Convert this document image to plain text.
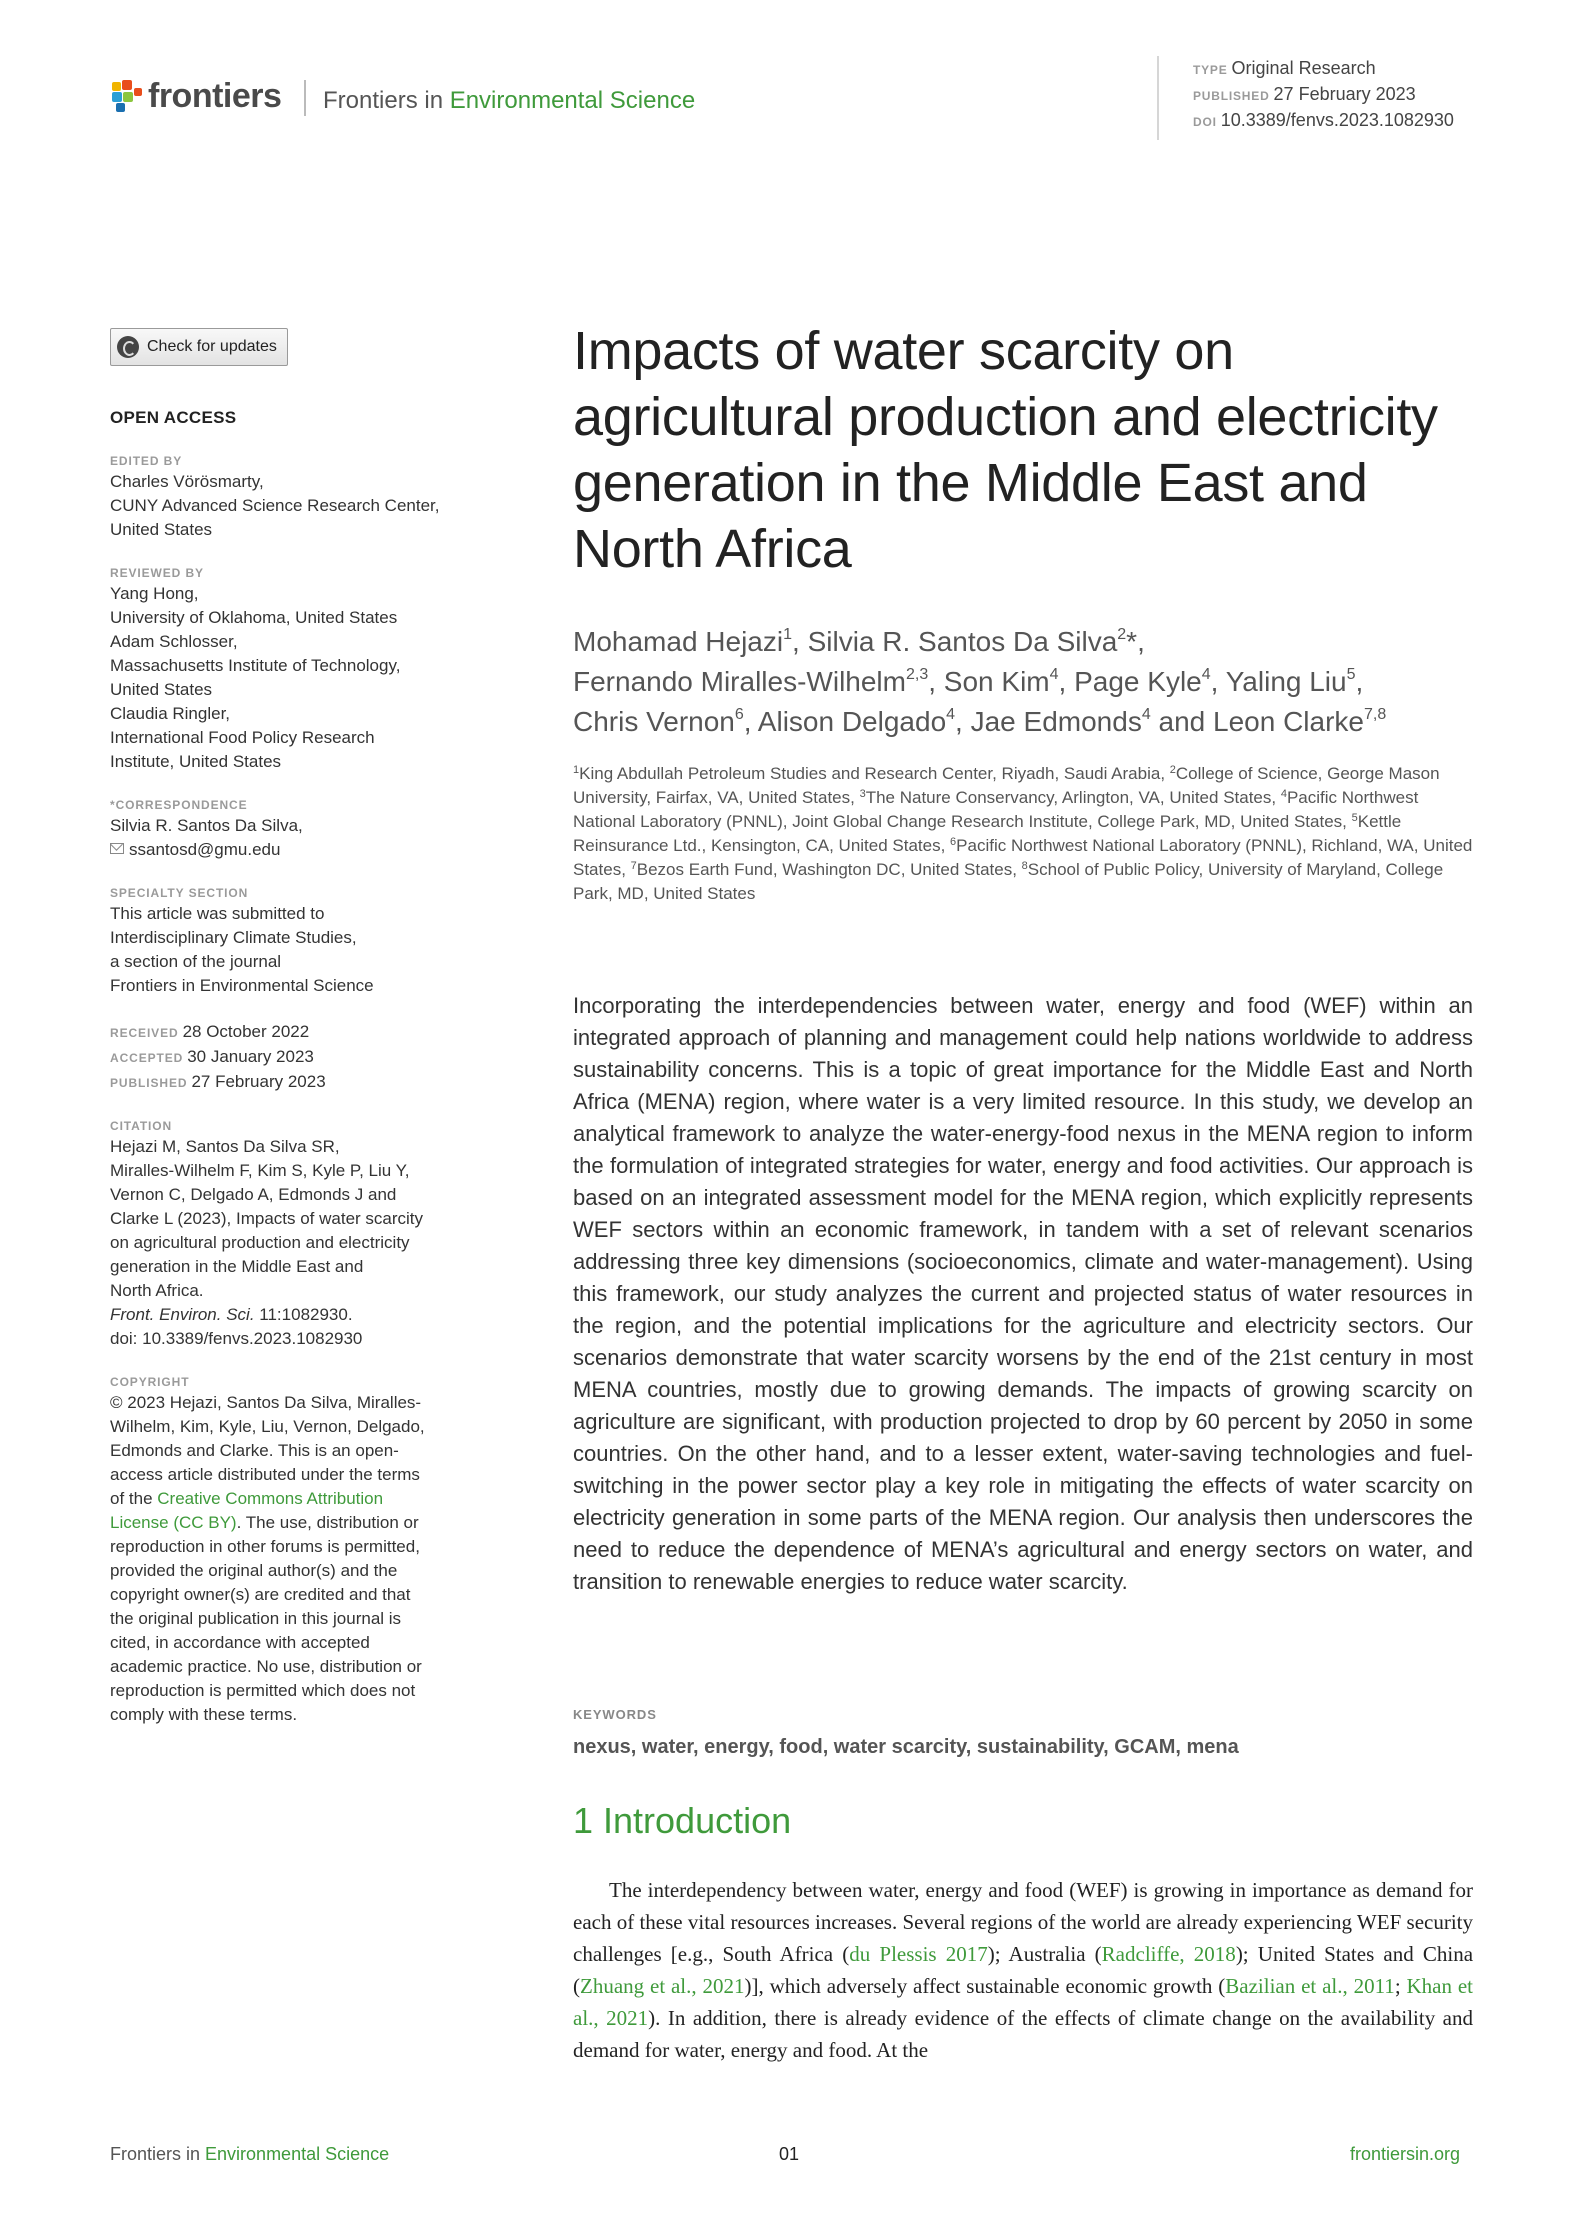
frontiers Frontiers in Environmental Science
TYPE Original Research
PUBLISHED 27 February 2023
DOI 10.3389/fenvs.2023.1082930
Check for updates
OPEN ACCESS
EDITED BY
Charles Vörösmarty,
CUNY Advanced Science Research Center,
United States
REVIEWED BY
Yang Hong,
University of Oklahoma, United States
Adam Schlosser,
Massachusetts Institute of Technology,
United States
Claudia Ringler,
International Food Policy Research
Institute, United States
*CORRESPONDENCE
Silvia R. Santos Da Silva,
ssantosd@gmu.edu
SPECIALTY SECTION
This article was submitted to
Interdisciplinary Climate Studies,
a section of the journal
Frontiers in Environmental Science
RECEIVED 28 October 2022
ACCEPTED 30 January 2023
PUBLISHED 27 February 2023
CITATION
Hejazi M, Santos Da Silva SR,
Miralles-Wilhelm F, Kim S, Kyle P, Liu Y,
Vernon C, Delgado A, Edmonds J and
Clarke L (2023), Impacts of water scarcity
on agricultural production and electricity
generation in the Middle East and
North Africa.
Front. Environ. Sci. 11:1082930.
doi: 10.3389/fenvs.2023.1082930
COPYRIGHT
© 2023 Hejazi, Santos Da Silva, Miralles-
Wilhelm, Kim, Kyle, Liu, Vernon, Delgado,
Edmonds and Clarke. This is an open-
access article distributed under the terms
of the Creative Commons Attribution
License (CC BY). The use, distribution or
reproduction in other forums is permitted,
provided the original author(s) and the
copyright owner(s) are credited and that
the original publication in this journal is
cited, in accordance with accepted
academic practice. No use, distribution or
reproduction is permitted which does not
comply with these terms.
Impacts of water scarcity on agricultural production and electricity generation in the Middle East and North Africa
Mohamad Hejazi$^1$, Silvia R. Santos Da Silva$^2$*,
Fernando Miralles-Wilhelm$^{2,3}$, Son Kim$^4$, Page Kyle$^4$, Yaling Liu$^5$,
Chris Vernon$^6$, Alison Delgado$^4$, Jae Edmonds$^4$ and Leon Clarke$^{7,8}$
$^1$King Abdullah Petroleum Studies and Research Center, Riyadh, Saudi Arabia, $^2$College of Science, George Mason University, Fairfax, VA, United States, $^3$The Nature Conservancy, Arlington, VA, United States, $^4$Pacific Northwest National Laboratory (PNNL), Joint Global Change Research Institute, College Park, MD, United States, $^5$Kettle Reinsurance Ltd., Kensington, CA, United States, $^6$Pacific Northwest National Laboratory (PNNL), Richland, WA, United States, $^7$Bezos Earth Fund, Washington DC, United States, $^8$School of Public Policy, University of Maryland, College Park, MD, United States
Incorporating the interdependencies between water, energy and food (WEF) within an integrated approach of planning and management could help nations worldwide to address sustainability concerns. This is a topic of great importance for the Middle East and North Africa (MENA) region, where water is a very limited resource. In this study, we develop an analytical framework to analyze the water-energy-food nexus in the MENA region to inform the formulation of integrated strategies for water, energy and food activities. Our approach is based on an integrated assessment model for the MENA region, which explicitly represents WEF sectors within an economic framework, in tandem with a set of relevant scenarios addressing three key dimensions (socioeconomics, climate and water-management). Using this framework, our study analyzes the current and projected status of water resources in the region, and the potential implications for the agriculture and electricity sectors. Our scenarios demonstrate that water scarcity worsens by the end of the 21st century in most MENA countries, mostly due to growing demands. The impacts of growing scarcity on agriculture are significant, with production projected to drop by 60 percent by 2050 in some countries. On the other hand, and to a lesser extent, water-saving technologies and fuel-switching in the power sector play a key role in mitigating the effects of water scarcity on electricity generation in some parts of the MENA region. Our analysis then underscores the need to reduce the dependence of MENA’s agricultural and energy sectors on water, and transition to renewable energies to reduce water scarcity.
KEYWORDS
nexus, water, energy, food, water scarcity, sustainability, GCAM, mena
1 Introduction
The interdependency between water, energy and food (WEF) is growing in importance as demand for each of these vital resources increases. Several regions of the world are already experiencing WEF security challenges [e.g., South Africa (du Plessis 2017); Australia (Radcliffe, 2018); United States and China (Zhuang et al., 2021)], which adversely affect sustainable economic growth (Bazilian et al., 2011; Khan et al., 2021). In addition, there is already evidence of the effects of climate change on the availability and demand for water, energy and food. At the
Frontiers in Environmental Science	01	frontiersin.org
